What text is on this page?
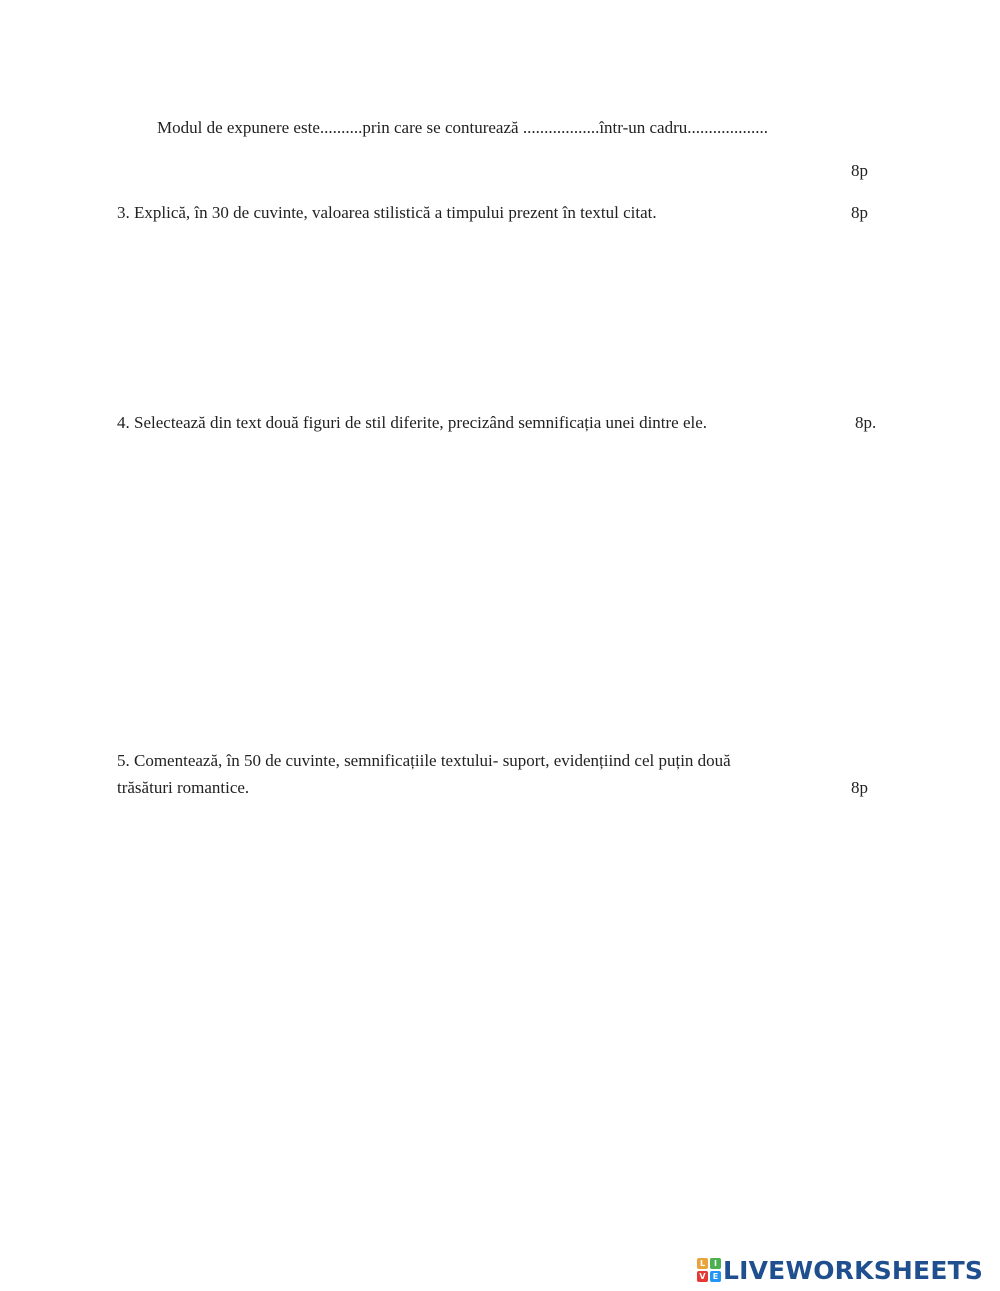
Modul de expunere este..........prin care se conturează ..................într-un cadru...................
8p
3. Explică, în 30 de cuvinte, valoarea stilistică a timpului prezent în textul citat.	8p
4. Selectează din text două figuri de stil diferite, precizând semnificația unei dintre ele.	8p.
5. Comentează, în 50 de cuvinte, semnificațiile textului- suport, evidențiind cel puțin două
trăsături romantice.	8p
L	I
V E LIVEWORKSHEETS
